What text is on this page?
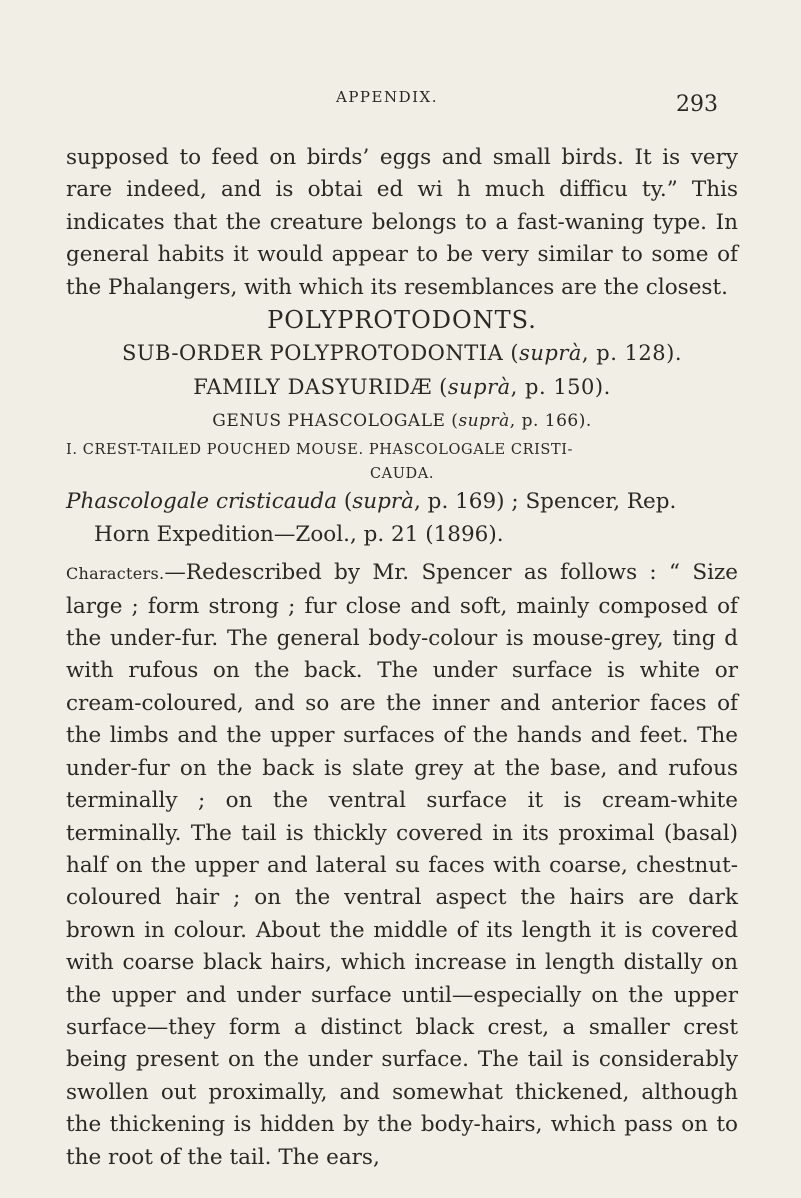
APPENDIX.	293

supposed to feed on birds’ eggs and small birds. It is very rare indeed, and is obtai ed wi h much difficu ty.” This indicates that the creature belongs to a fast-waning type. In general habits it would appear to be very similar to some of the Phalangers, with which its resemblances are the closest.

POLYPROTODONTS.

SUB-ORDER POLYPROTODONTIA (suprà, p. 128).

FAMILY DASYURIDÆ (suprà, p. 150).

GENUS PHASCOLOGALE (suprà, p. 166).

I. CREST-TAILED POUCHED MOUSE. PHASCOLOGALE CRISTI-
CAUDA.

Phascologale cristicauda (suprà, p. 169) ; Spencer, Rep. Horn Expedition—Zool., p. 21 (1896).

Characters.—Redescribed by Mr. Spencer as follows : “ Size large ; form strong ; fur close and soft, mainly composed of the under-fur. The general body-colour is mouse-grey, ting d with rufous on the back. The under surface is white or cream-coloured, and so are the inner and anterior faces of the limbs and the upper surfaces of the hands and feet. The under-fur on the back is slate grey at the base, and rufous terminally ; on the ventral surface it is cream-white terminally. The tail is thickly covered in its proximal (basal) half on the upper and lateral su faces with coarse, chestnut-coloured hair ; on the ventral aspect the hairs are dark brown in colour. About the middle of its length it is covered with coarse black hairs, which increase in length distally on the upper and under surface until—especially on the upper surface—they form a distinct black crest, a smaller crest being present on the under surface. The tail is considerably swollen out proximally, and somewhat thickened, although the thickening is hidden by the body-hairs, which pass on to the root of the tail. The ears,
